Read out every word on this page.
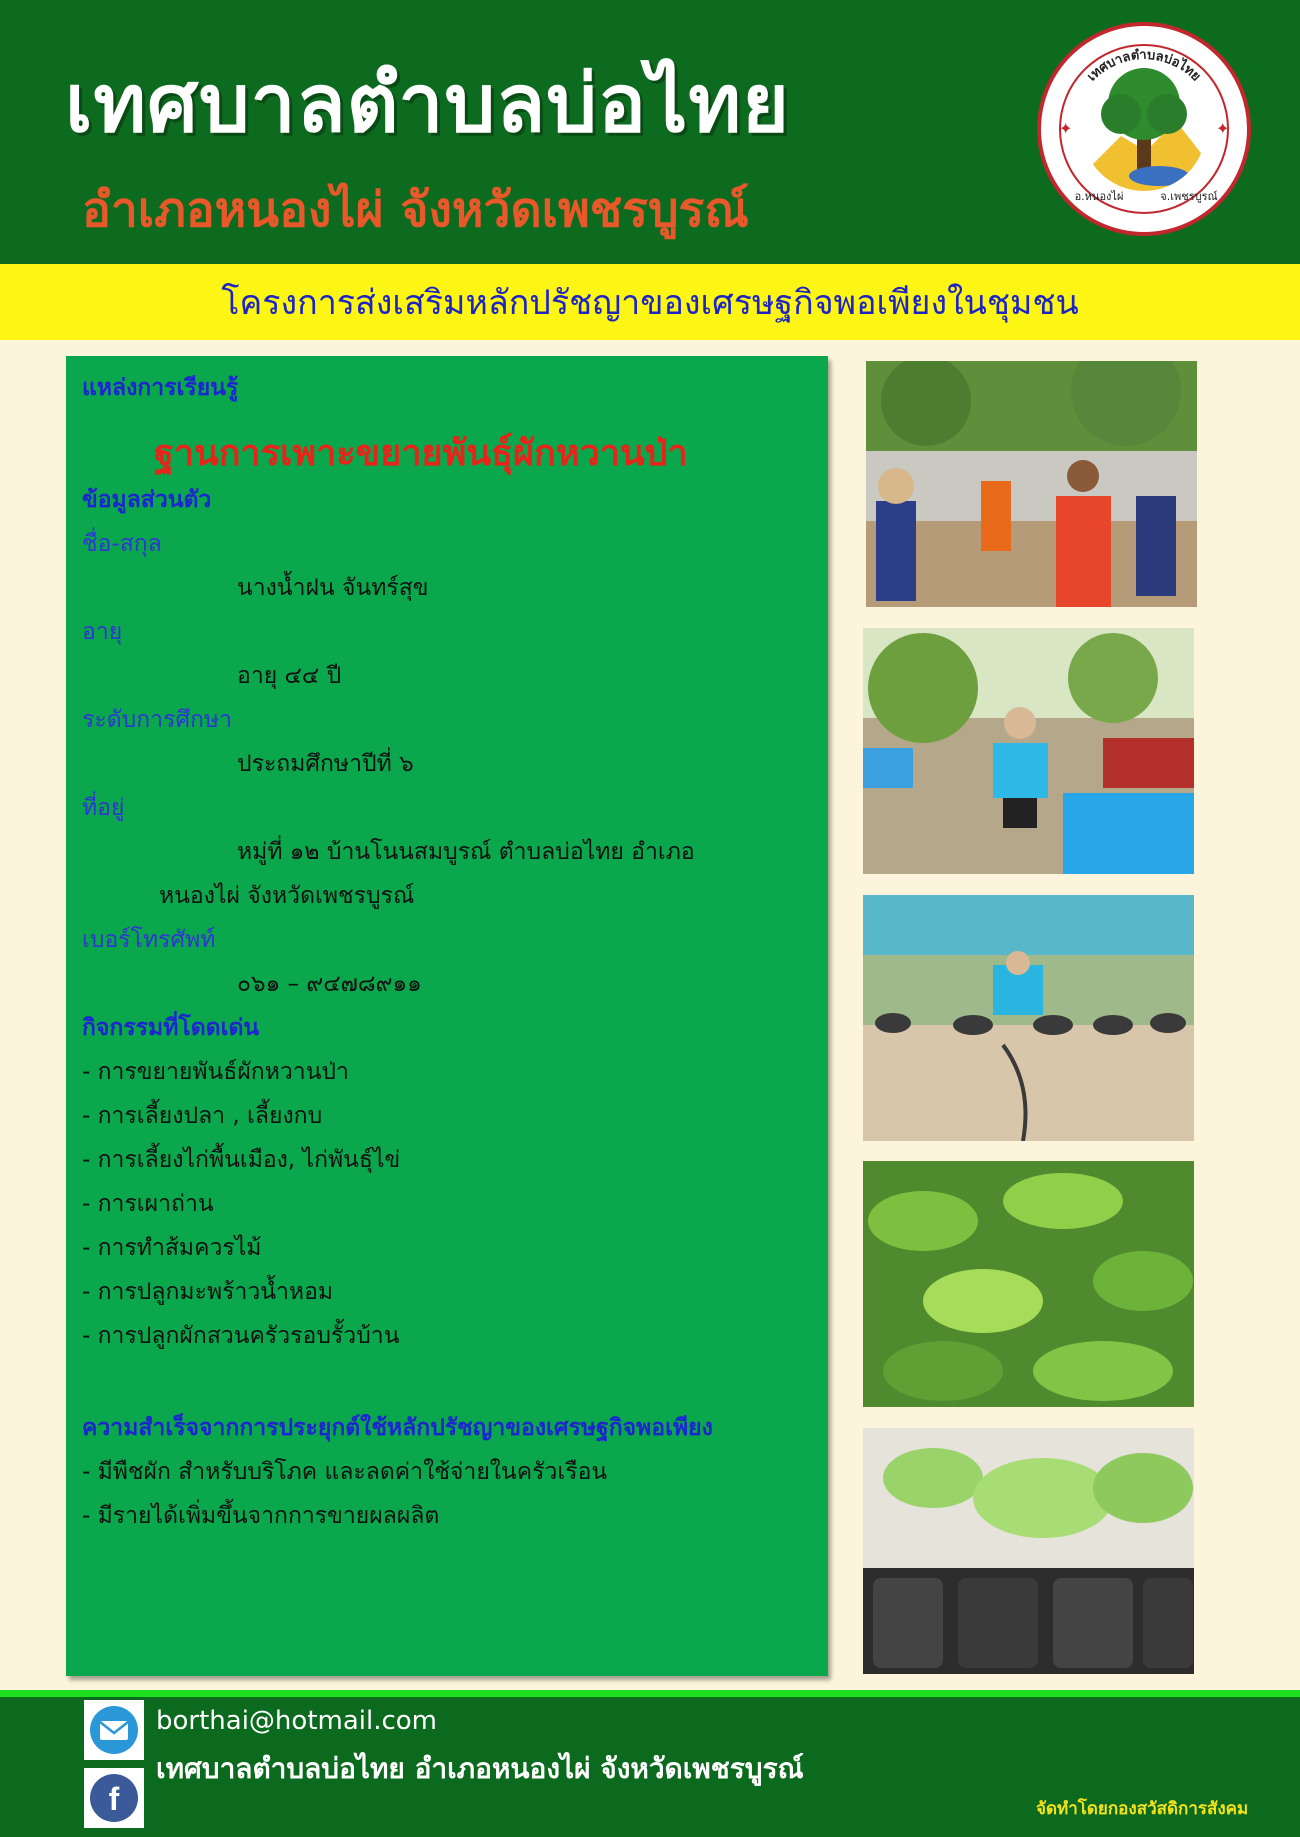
เทศบาลตำบลบ่อไทย
อำเภอหนองไผ่ จังหวัดเพชรบูรณ์
เทศบาลตำบลบ่อไทย
อ.หนองไผ่	จ.เพชรบูรณ์
✦	✦
โครงการส่งเสริมหลักปรัชญาของเศรษฐกิจพอเพียงในชุมชน
แหล่งการเรียนรู้
ฐานการเพาะขยายพันธุ์ผักหวานป่า
ข้อมูลส่วนตัว
ชื่อ-สกุล
นางน้ำฝน จันทร์สุข
อายุ
อายุ ๔๔ ปี
ระดับการศึกษา
ประถมศึกษาปีที่ ๖
ที่อยู่
หมู่ที่ ๑๒ บ้านโนนสมบูรณ์ ตำบลบ่อไทย อำเภอ
หนองไผ่ จังหวัดเพชรบูรณ์
เบอร์โทรศัพท์
๐๖๑ – ๙๔๗๘๙๑๑
กิจกรรมที่โดดเด่น
- การขยายพันธ์ผักหวานป่า
- การเลี้ยงปลา , เลี้ยงกบ
- การเลี้ยงไก่พื้นเมือง, ไก่พันธุ์ไข่
- การเผาถ่าน
- การทำส้มควรไม้
- การปลูกมะพร้าวน้ำหอม
- การปลูกผักสวนครัวรอบรั้วบ้าน
ความสำเร็จจากการประยุกต์ใช้หลักปรัชญาของเศรษฐกิจพอเพียง
- มีพืชผัก สำหรับบริโภค และลดค่าใช้จ่ายในครัวเรือน
- มีรายได้เพิ่มขึ้นจากการขายผลผลิต
f
borthai@hotmail.com
เทศบาลตำบลบ่อไทย อำเภอหนองไผ่ จังหวัดเพชรบูรณ์
จัดทำโดยกองสวัสดิการสังคม
